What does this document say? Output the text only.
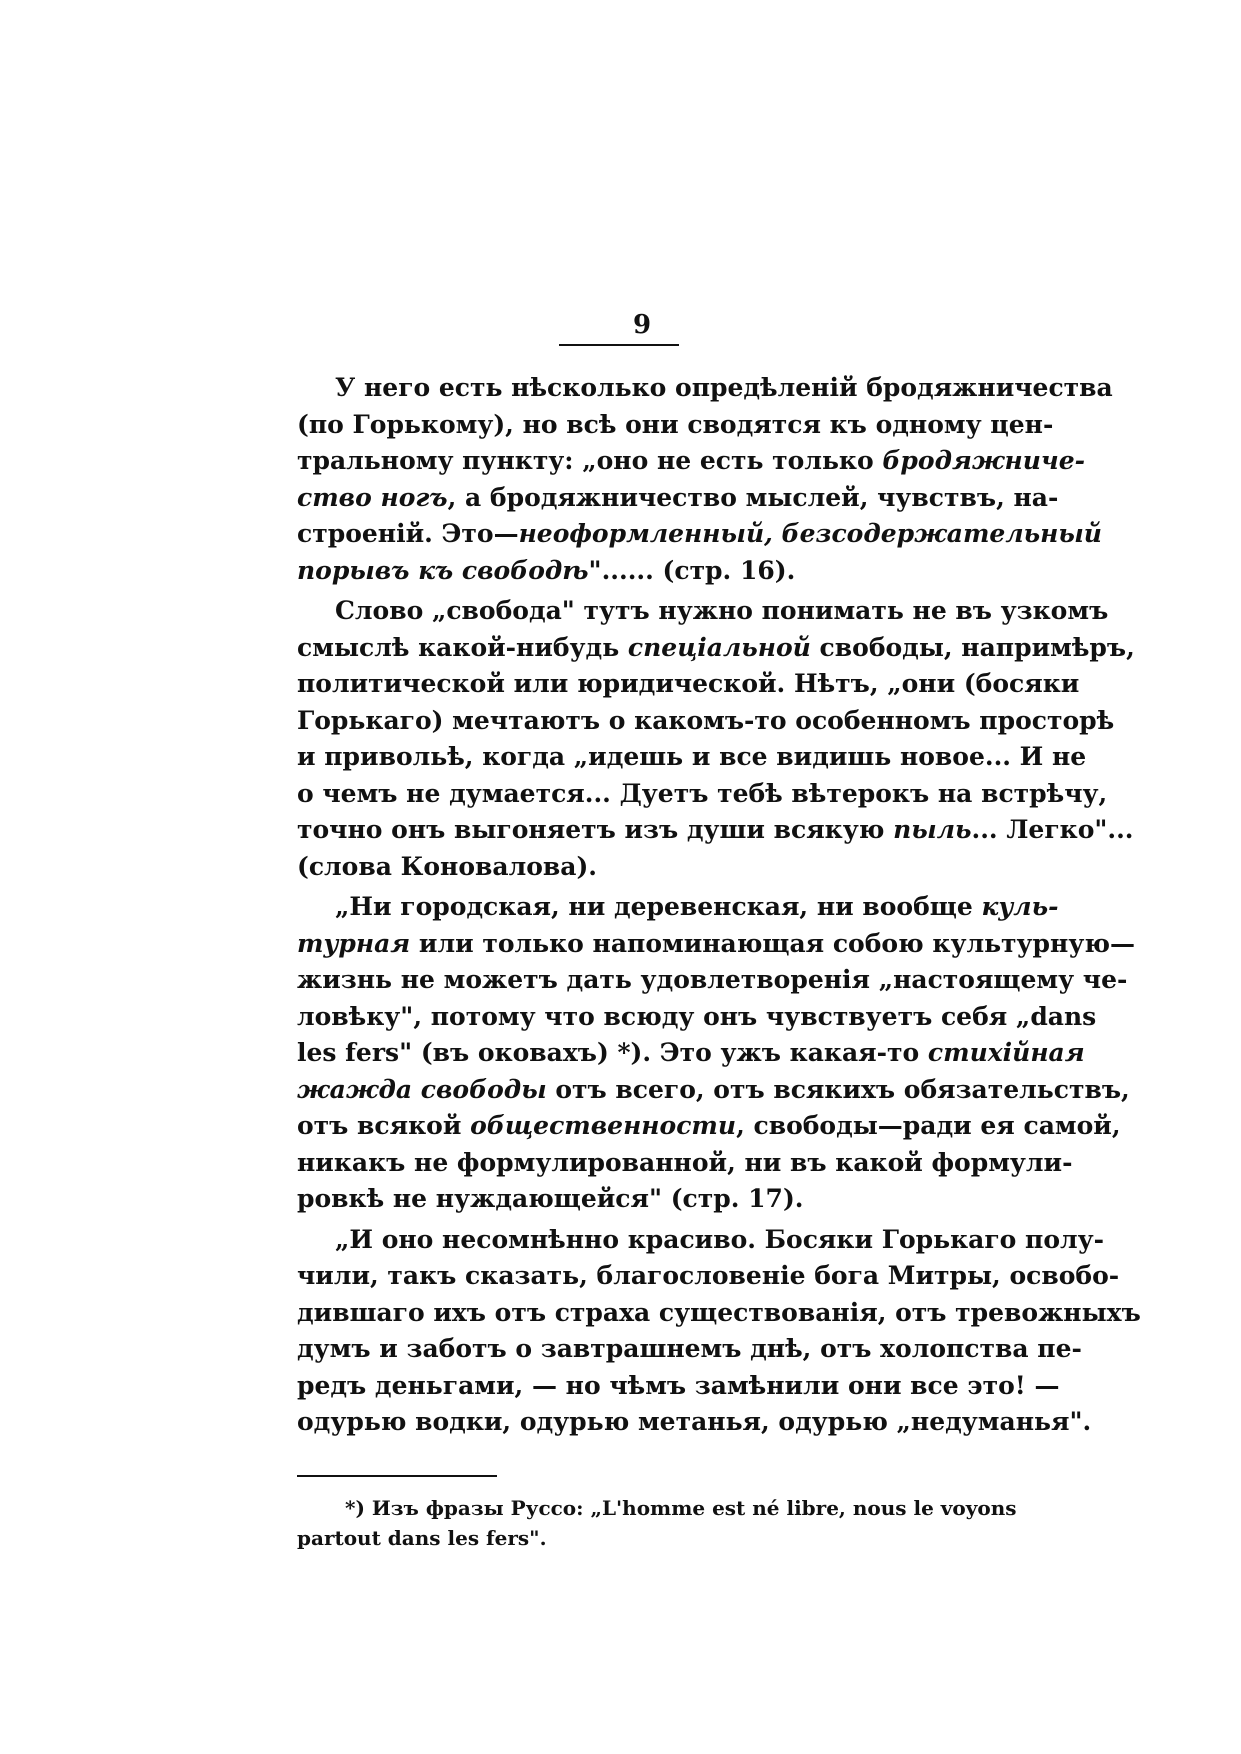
9
У него есть нѣсколько опредѣленій бродяжничества
(по Горькому), но всѣ они сводятся къ одному цен-
тральному пункту: „оно не есть только бродяжниче-
ство ногъ, а бродяжничество мыслей, чувствъ, на-
строеній. Это—неоформленный, безсодержательный
порывъ къ свободѣ"...... (стр. 16).
Слово „свобода" тутъ нужно понимать не въ узкомъ
смыслѣ какой-нибудь спеціальной свободы, напримѣръ,
политической или юридической. Нѣтъ, „они (босяки
Горькаго) мечтаютъ о какомъ-то особенномъ просторѣ
и привольѣ, когда „идешь и все видишь новое... И не
о чемъ не думается... Дуетъ тебѣ вѣтерокъ на встрѣчу,
точно онъ выгоняетъ изъ души всякую пыль... Легко"...
(слова Коновалова).
„Ни городская, ни деревенская, ни вообще куль-
турная или только напоминающая собою культурную—
жизнь не можетъ дать удовлетворенія „настоящему че-
ловѣку", потому что всюду онъ чувствуетъ себя „dans
les fers" (въ оковахъ) *). Это ужъ какая-то стихійная
жажда свободы отъ всего, отъ всякихъ обязательствъ,
отъ всякой общественности, свободы—ради ея самой,
никакъ не формулированной, ни въ какой формули-
ровкѣ не нуждающейся" (стр. 17).
„И оно несомнѣнно красиво. Босяки Горькаго полу-
чили, такъ сказать, благословеніе бога Митры, освобо-
дившаго ихъ отъ страха существованія, отъ тревожныхъ
думъ и заботъ о завтрашнемъ днѣ, отъ холопства пе-
редъ деньгами, — но чѣмъ замѣнили они все это! —
одурью водки, одурью метанья, одурью „недуманья".
*) Изъ фразы Руссо: „L'homme est né libre, nous le voyons
partout dans les fers".
